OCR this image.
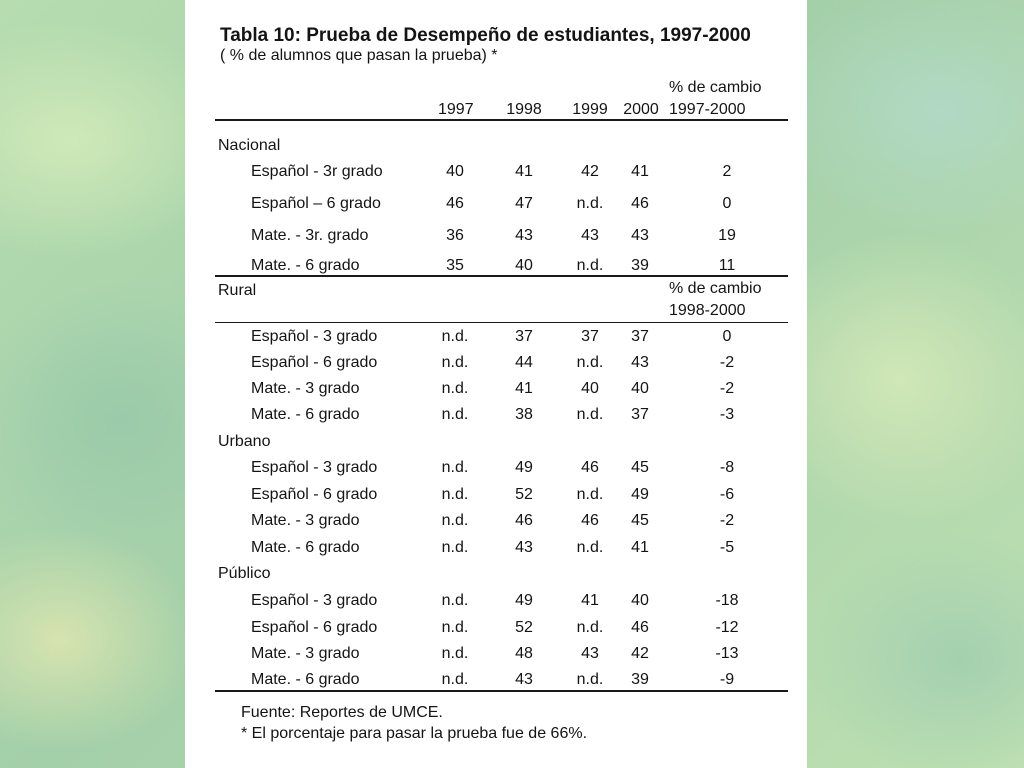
Tabla 10: Prueba de Desempeño de estudiantes, 1997-2000
( % de alumnos que pasan la prueba) *
% de cambio
1997 1998 1999 2000 1997-2000
Nacional
Español - 3r grado	40	41	42	41	2
Español – 6 grado	46	47	n.d.	46	0
Mate. - 3r. grado	36	43	43	43	19
Mate. - 6 grado	35	40	n.d.	39	11
Rural	% de cambio
1998-2000
Español - 3 grado	n.d.	37	37	37	0
Español - 6 grado	n.d.	44	n.d.	43	-2
Mate. - 3 grado	n.d.	41	40	40	-2
Mate. - 6 grado	n.d.	38	n.d.	37	-3
Urbano
Español - 3 grado	n.d.	49	46	45	-8
Español - 6 grado	n.d.	52	n.d.	49	-6
Mate. - 3 grado	n.d.	46	46	45	-2
Mate. - 6 grado	n.d.	43	n.d.	41	-5
Público
Español - 3 grado	n.d.	49	41	40	-18
Español - 6 grado	n.d.	52	n.d.	46	-12
Mate. - 3 grado	n.d.	48	43	42	-13
Mate. - 6 grado	n.d.	43	n.d.	39	-9
Fuente: Reportes de UMCE.
* El porcentaje para pasar la prueba fue de 66%.
